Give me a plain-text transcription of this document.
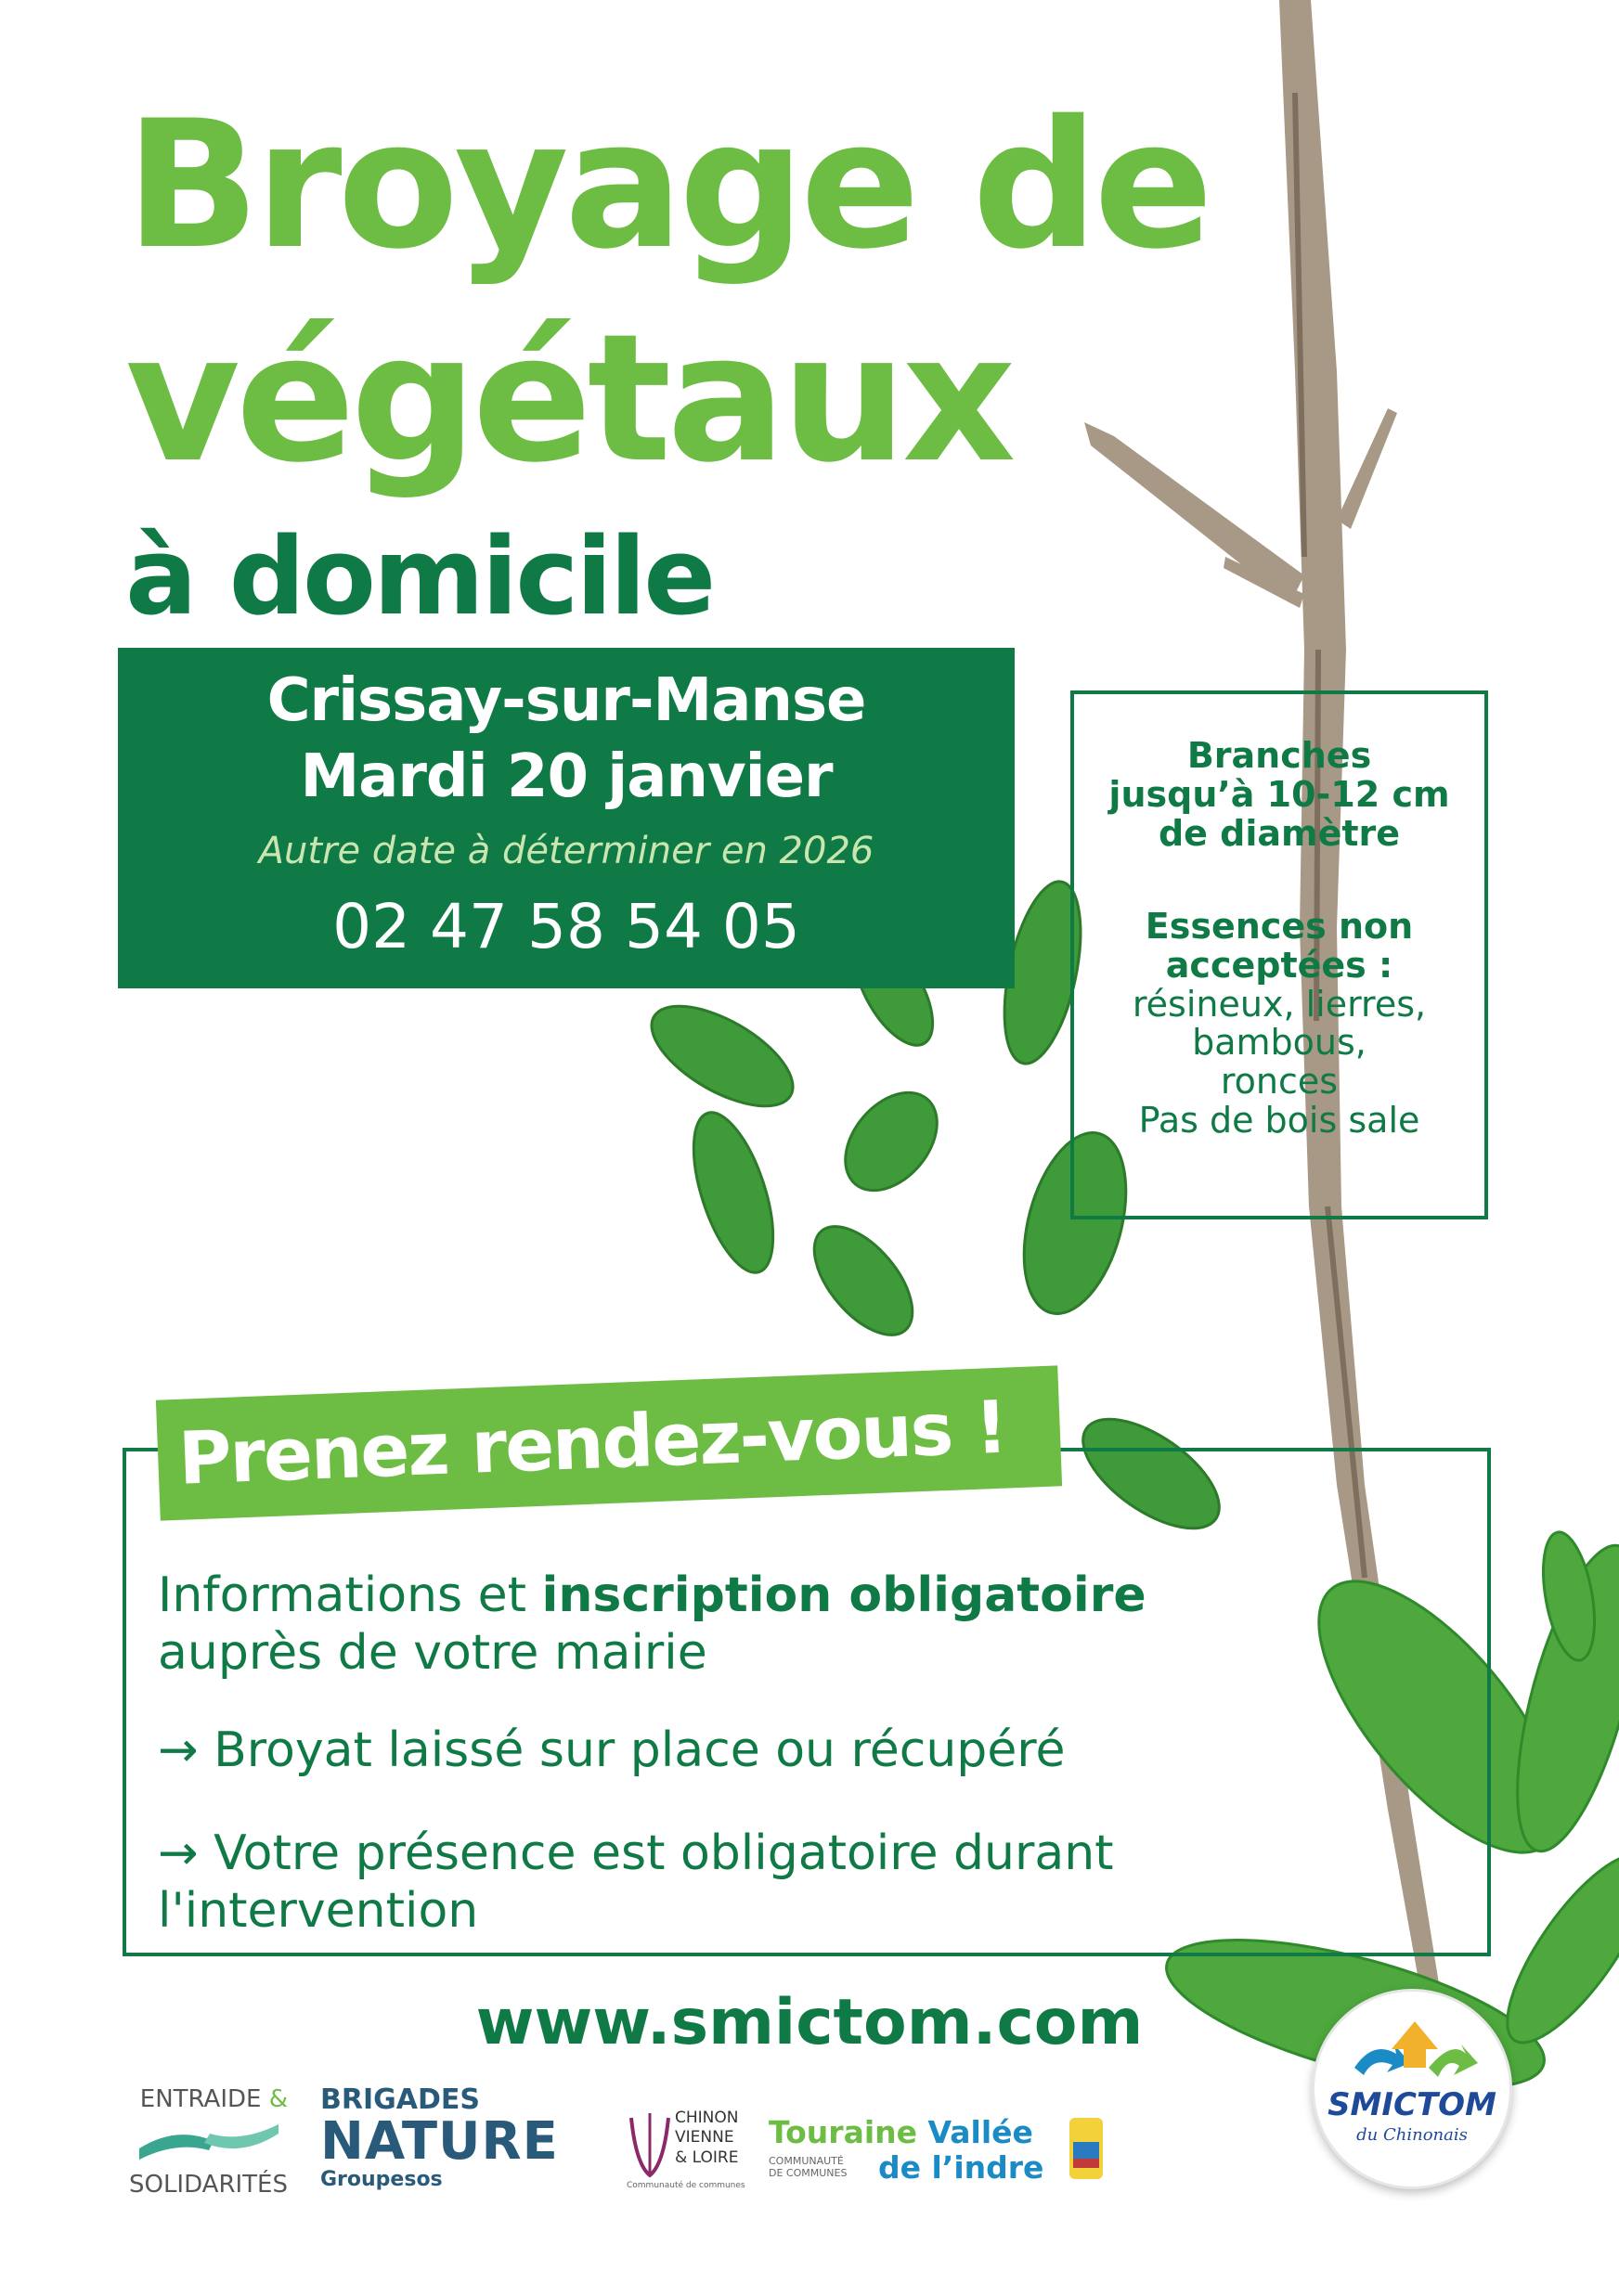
Broyage de
végétaux
à domicile
Crissay-sur-Manse
Mardi 20 janvier
Autre date à déterminer en 2026
02 47 58 54 05
Branches
jusqu’à 10-12 cm
de diamètre
Essences non
acceptées :
résineux, lierres,
bambous,
ronces
Pas de bois sale
Prenez rendez-vous !
Informations et inscription obligatoire
auprès de votre mairie
→ Broyat laissé sur place ou récupéré
→ Votre présence est obligatoire durant
l'intervention
www.smictom.com
ENTRAIDE &
SOLIDARITÉS
BRIGADES
NATURE
Groupesos
CHINON
VIENNE
& LOIRE
Communauté de communes
Touraine Vallée
COMMUNAUTÉ
DE COMMUNES de l’indre
SMICTOM
du Chinonais
